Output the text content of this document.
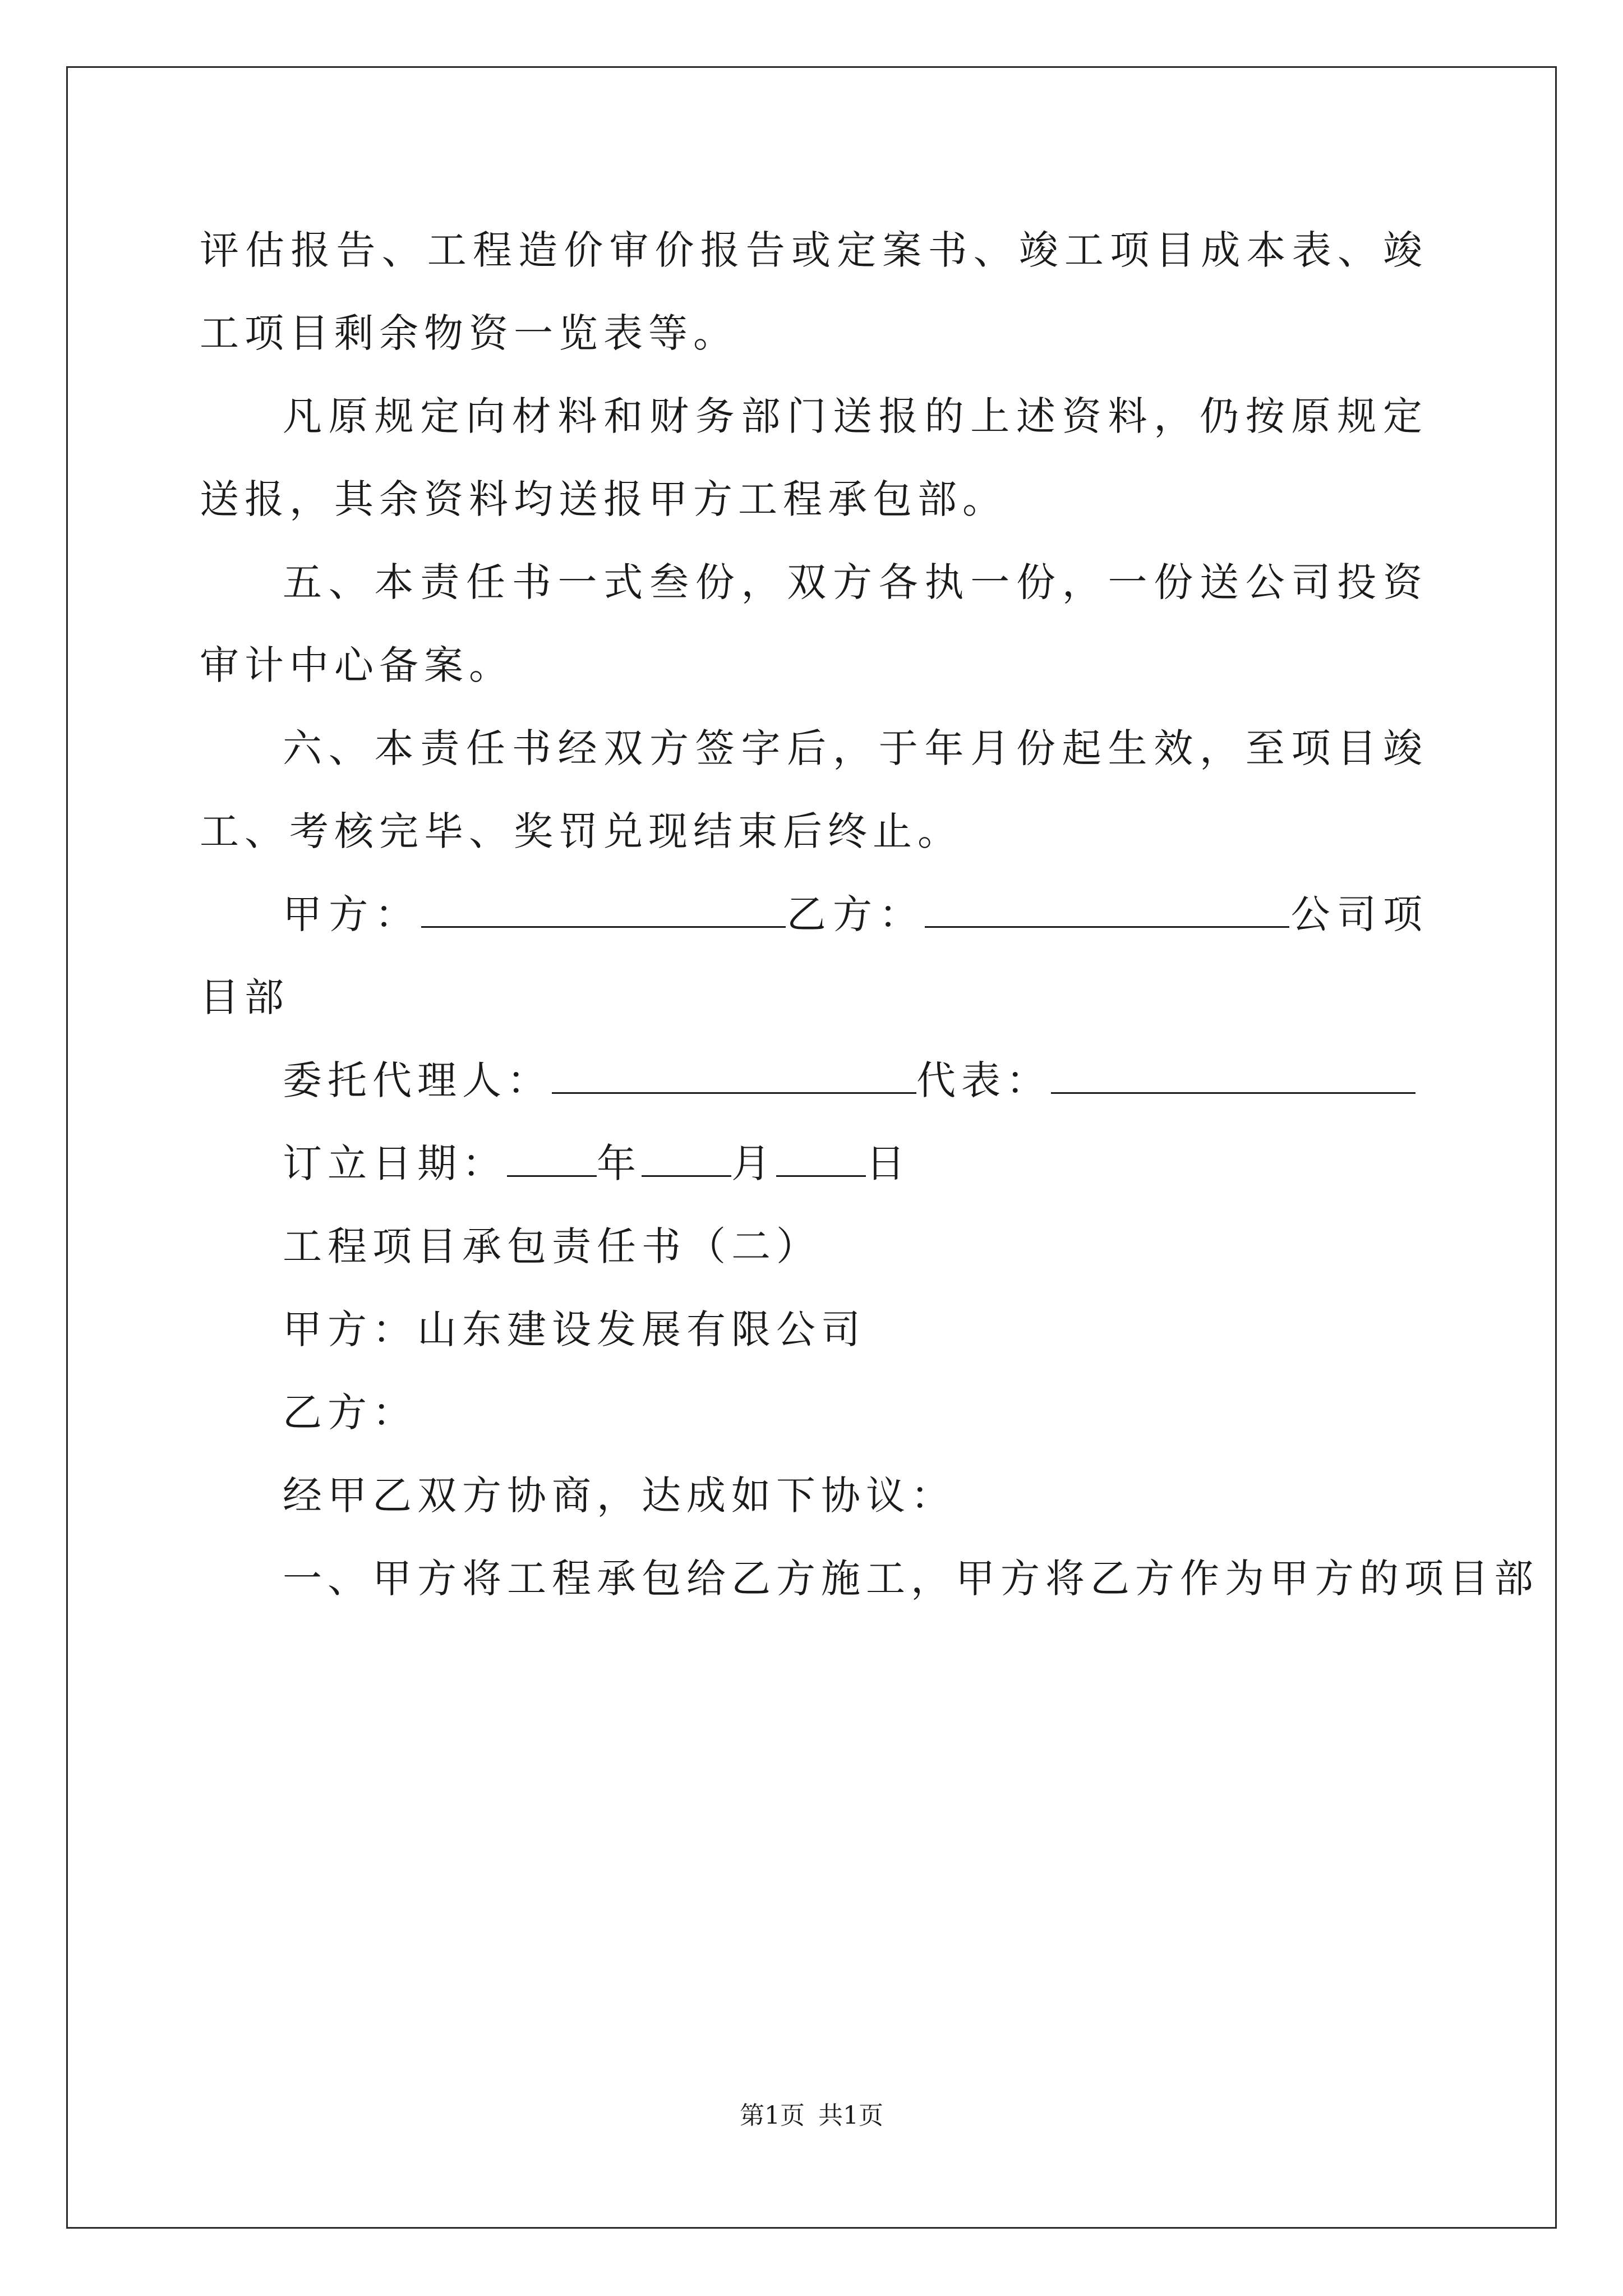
评估报告、工程造价审价报告或定案书、竣工项目成本表、竣工项目剩余物资一览表等。

凡原规定向材料和财务部门送报的上述资料，仍按原规定送报，其余资料均送报甲方工程承包部。

五、本责任书一式叁份，双方各执一份，一份送公司投资审计中心备案。

六、本责任书经双方签字后，于年月份起生效，至项目竣工、考核完毕、奖罚兑现结束后终止。

甲方：	乙方：	公司项目部

委托代理人：	代表：

订立日期： 年 月 日

工程项目承包责任书（二）

甲方：山东建设发展有限公司

乙方：

经甲乙双方协商，达成如下协议：

一、甲方将工程承包给乙方施工，甲方将乙方作为甲方的项目部

第1页 共1页
